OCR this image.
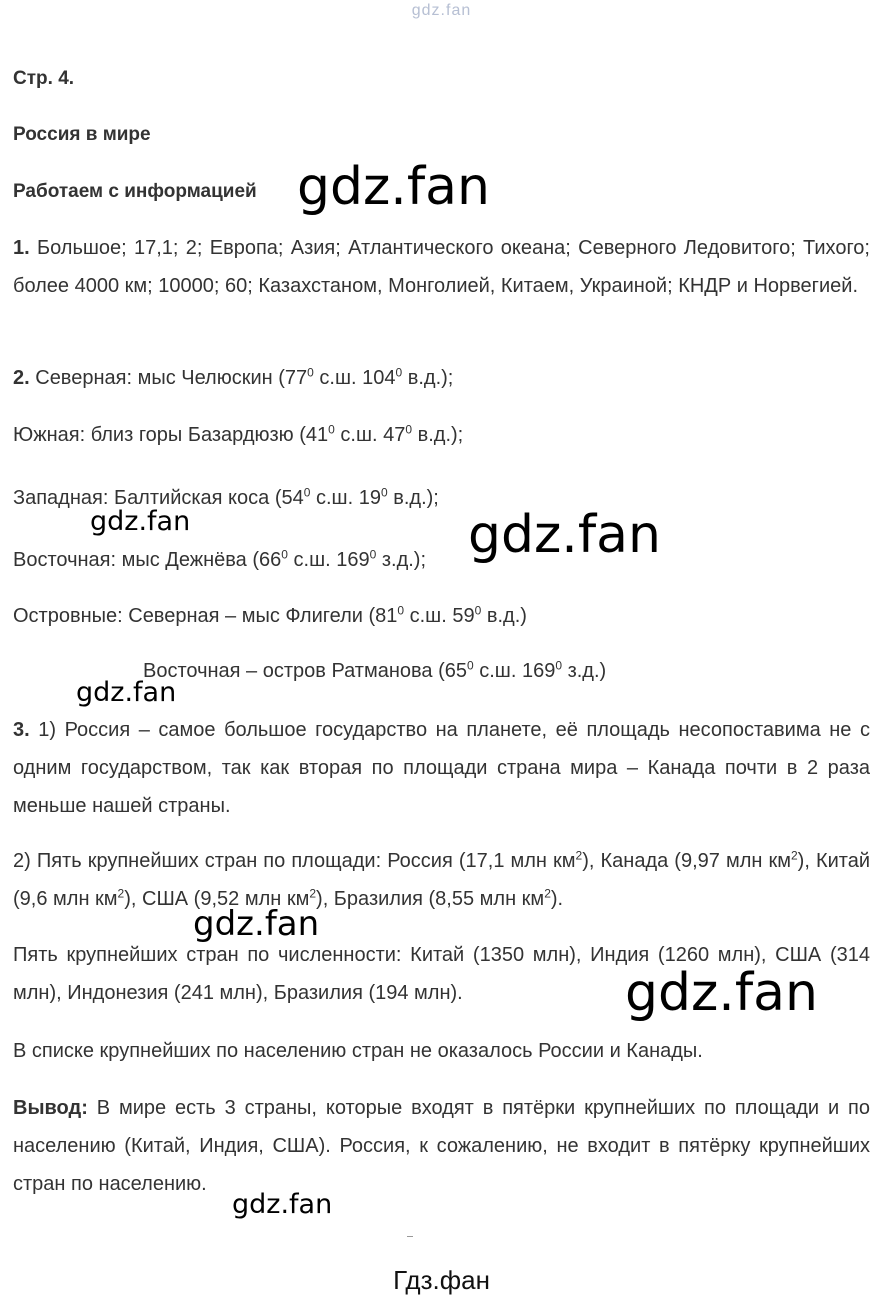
gdz.fan
Стр. 4.
Россия в мире
Работаем с информацией

1. Большое; 17,1; 2; Европа; Азия; Атлантического океана; Северного Ледовитого; Тихого; более 4000 км; 10000; 60; Казахстаном, Монголией, Китаем, Украиной; КНДР и Норвегией.

2. Северная: мыс Челюскин ($77^0$ с.ш. $104^0$ в.д.);
Южная: близ горы Базардюзю ($41^0$ с.ш. $47^0$ в.д.);
Западная: Балтийская коса ($54^0$ с.ш. $19^0$ в.д.);
Восточная: мыс Дежнёва ($66^0$ с.ш. $169^0$ з.д.);
Островные: Северная – мыс Флигели ($81^0$ с.ш. $59^0$ в.д.)
Восточная – остров Ратманова ($65^0$ с.ш. $169^0$ з.д.)

3. 1) Россия – самое большое государство на планете, её площадь несопоставима не с одним государством, так как вторая по площади страна мира – Канада почти в 2 раза меньше нашей страны.

2) Пять крупнейших стран по площади: Россия (17,1 млн $км^2$), Канада (9,97 млн $км^2$), Китай (9,6 млн $км^2$), США (9,52 млн $км^2$), Бразилия (8,55 млн $км^2$).

Пять крупнейших стран по численности: Китай (1350 млн), Индия (1260 млн), США (314 млн), Индонезия (241 млн), Бразилия (194 млн).

В списке крупнейших по населению стран не оказалось России и Канады.

Вывод: В мире есть 3 страны, которые входят в пятёрки крупнейших по площади и по населению (Китай, Индия, США). Россия, к сожалению, не входит в пятёрку крупнейших стран по населению.

gdz.fan
gdz.fan	gdz.fan
gdz.fan
gdz.fan
gdz.fan
gdz.fan
Гдз.фан
